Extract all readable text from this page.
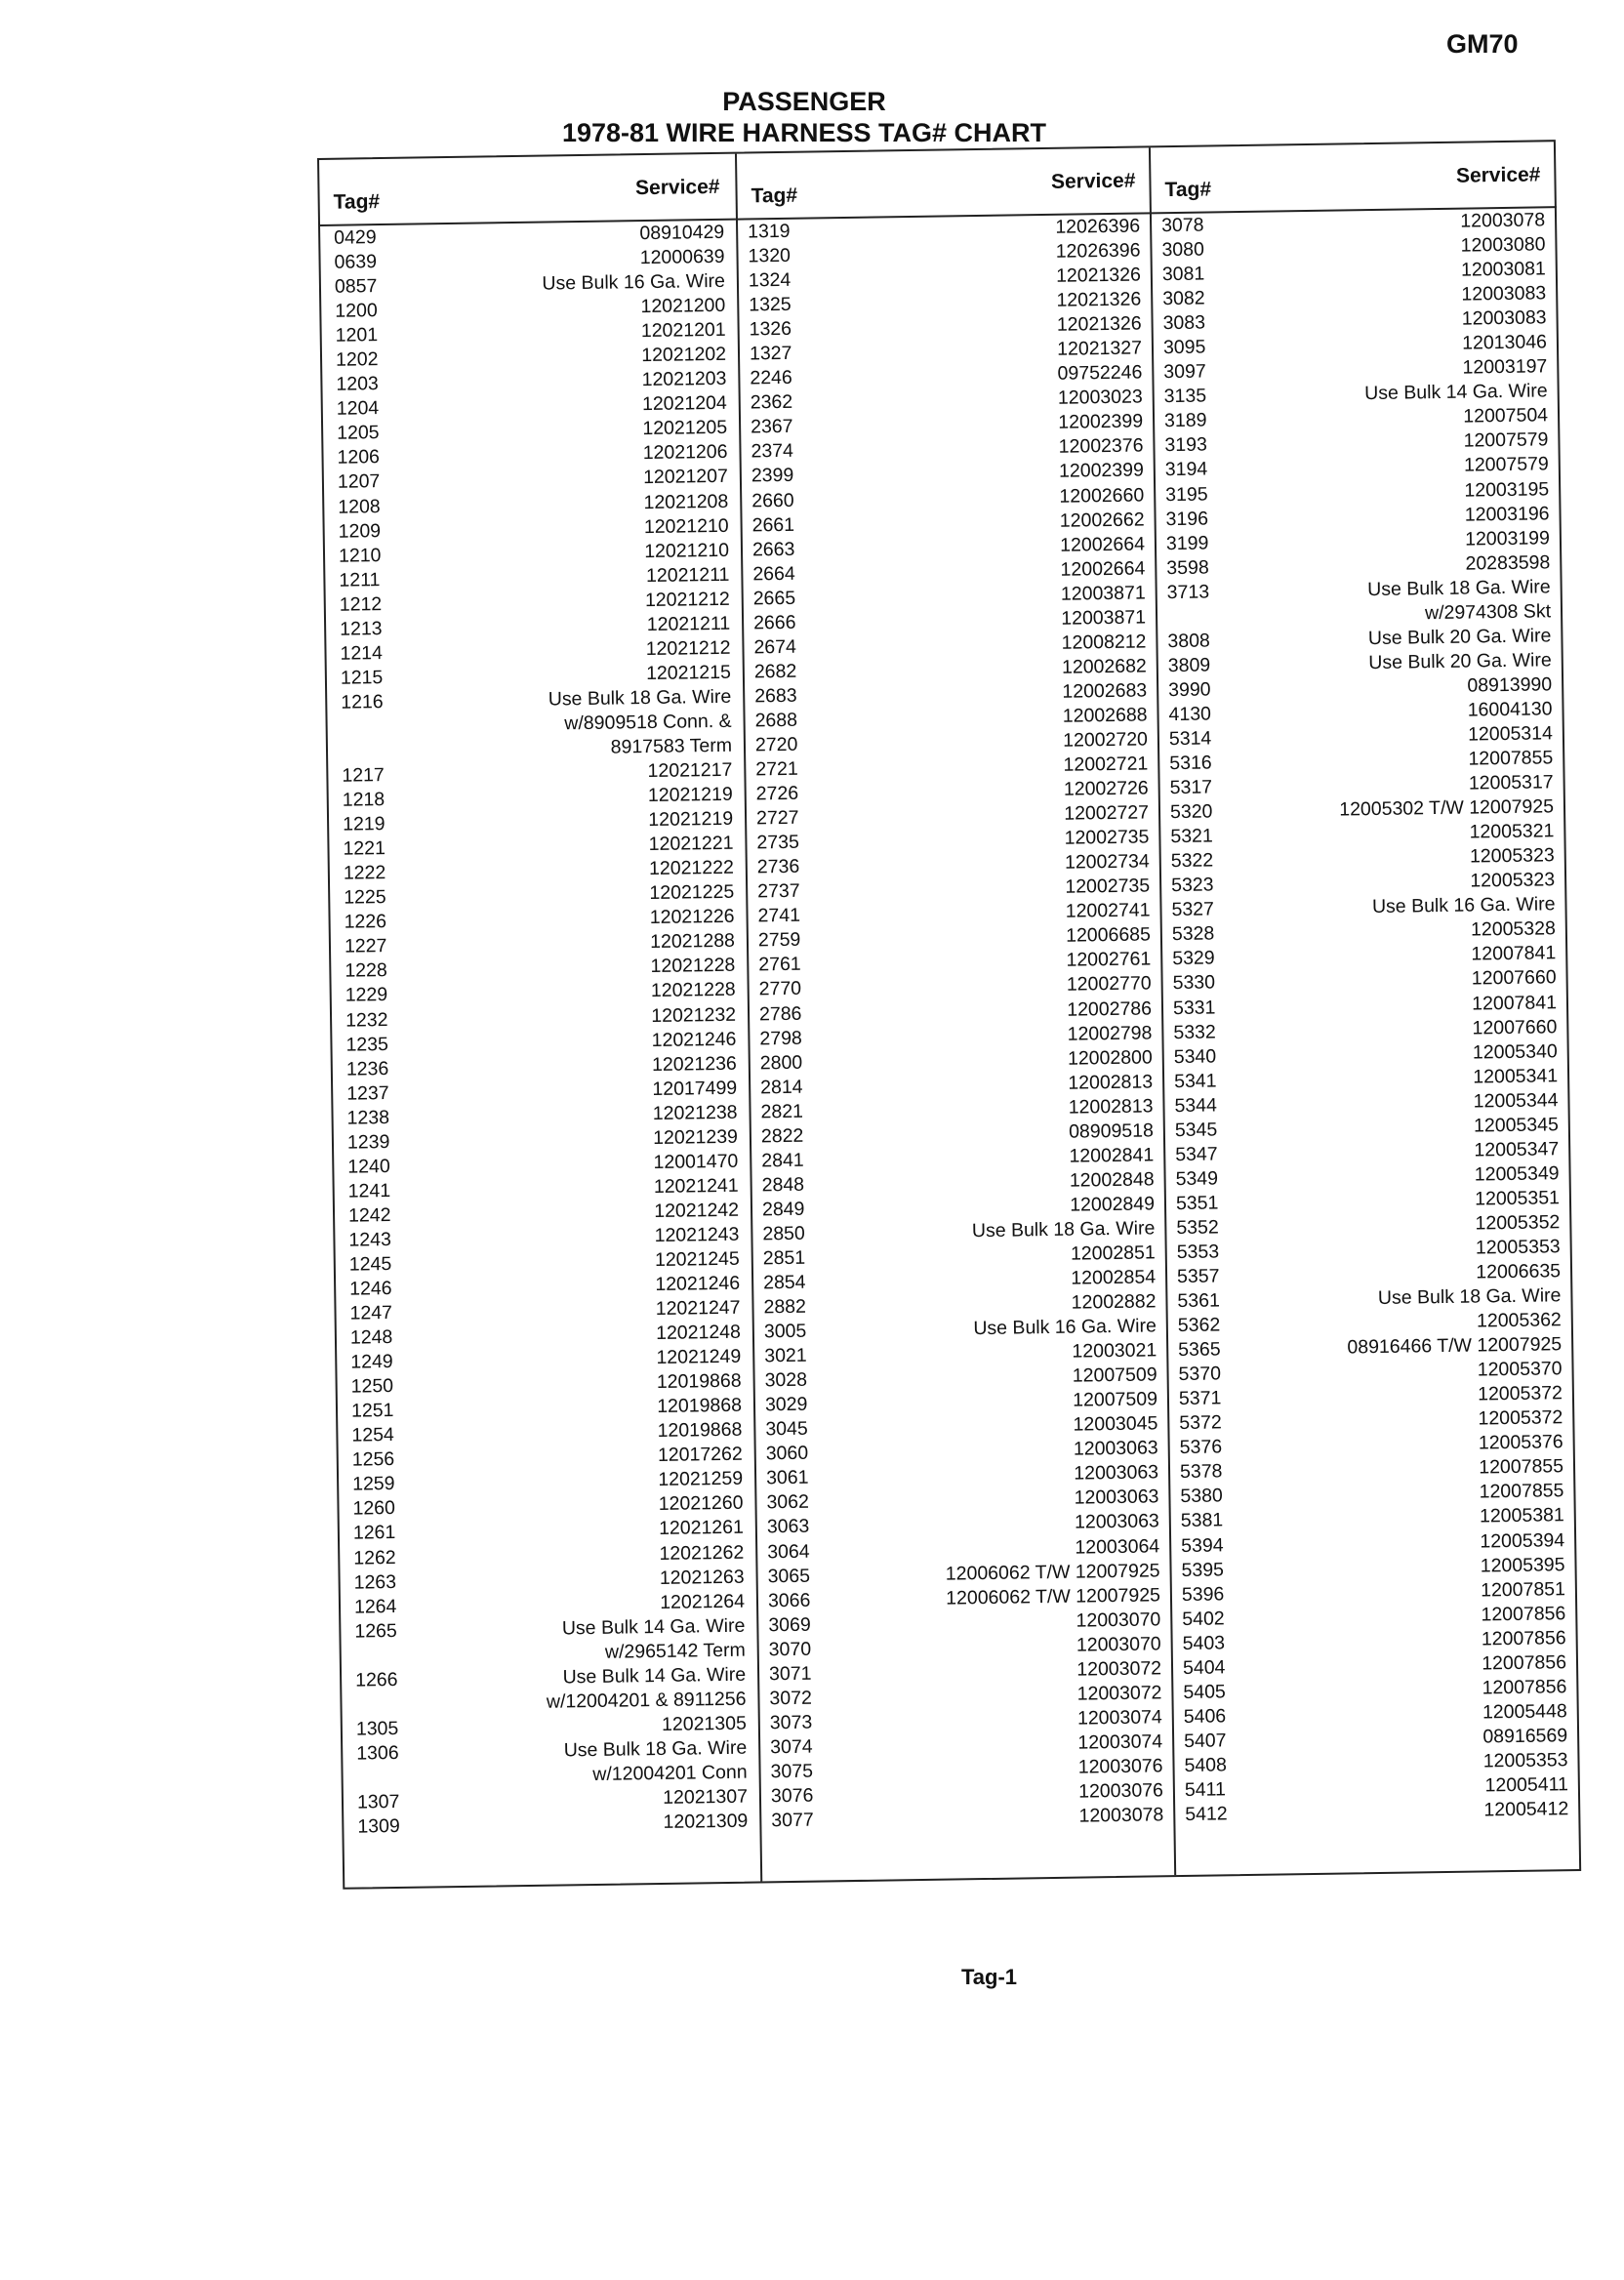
GM70
PASSENGER
1978-81 WIRE HARNESS TAG# CHART
Tag#
Service#
0429	08910429
0639	12000639
0857	Use Bulk 16 Ga. Wire
1200	12021200
1201	12021201
1202	12021202
1203	12021203
1204	12021204
1205	12021205
1206	12021206
1207	12021207
1208	12021208
1209	12021210
1210	12021210
1211	12021211
1212	12021212
1213	12021211
1214	12021212
1215	12021215
1216	Use Bulk 18 Ga. Wire
w/8909518 Conn. &
8917583 Term
1217	12021217
1218	12021219
1219	12021219
1221	12021221
1222	12021222
1225	12021225
1226	12021226
1227	12021288
1228	12021228
1229	12021228
1232	12021232
1235	12021246
1236	12021236
1237	12017499
1238	12021238
1239	12021239
1240	12001470
1241	12021241
1242	12021242
1243	12021243
1245	12021245
1246	12021246
1247	12021247
1248	12021248
1249	12021249
1250	12019868
1251	12019868
1254	12019868
1256	12017262
1259	12021259
1260	12021260
1261	12021261
1262	12021262
1263	12021263
1264	12021264
1265	Use Bulk 14 Ga. Wire
w/2965142 Term
1266	Use Bulk 14 Ga. Wire
w/12004201 & 8911256
1305	12021305
1306	Use Bulk 18 Ga. Wire
w/12004201 Conn
1307	12021307
1309	12021309
Tag#
Service#
1319	12026396
1320	12026396
1324	12021326
1325	12021326
1326	12021326
1327	12021327
2246	09752246
2362	12003023
2367	12002399
2374	12002376
2399	12002399
2660	12002660
2661	12002662
2663	12002664
2664	12002664
2665	12003871
2666	12003871
2674	12008212
2682	12002682
2683	12002683
2688	12002688
2720	12002720
2721	12002721
2726	12002726
2727	12002727
2735	12002735
2736	12002734
2737	12002735
2741	12002741
2759	12006685
2761	12002761
2770	12002770
2786	12002786
2798	12002798
2800	12002800
2814	12002813
2821	12002813
2822	08909518
2841	12002841
2848	12002848
2849	12002849
2850	Use Bulk 18 Ga. Wire
2851	12002851
2854	12002854
2882	12002882
3005	Use Bulk 16 Ga. Wire
3021	12003021
3028	12007509
3029	12007509
3045	12003045
3060	12003063
3061	12003063
3062	12003063
3063	12003063
3064	12003064
3065	12006062 T/W 12007925
3066	12006062 T/W 12007925
3069	12003070
3070	12003070
3071	12003072
3072	12003072
3073	12003074
3074	12003074
3075	12003076
3076	12003076
3077	12003078
Tag#
Service#
3078	12003078
3080	12003080
3081	12003081
3082	12003083
3083	12003083
3095	12013046
3097	12003197
3135	Use Bulk 14 Ga. Wire
3189	12007504
3193	12007579
3194	12007579
3195	12003195
3196	12003196
3199	12003199
3598	20283598
3713	Use Bulk 18 Ga. Wire
w/2974308 Skt
3808	Use Bulk 20 Ga. Wire
3809	Use Bulk 20 Ga. Wire
3990	08913990
4130	16004130
5314	12005314
5316	12007855
5317	12005317
5320	12005302 T/W 12007925
5321	12005321
5322	12005323
5323	12005323
5327	Use Bulk 16 Ga. Wire
5328	12005328
5329	12007841
5330	12007660
5331	12007841
5332	12007660
5340	12005340
5341	12005341
5344	12005344
5345	12005345
5347	12005347
5349	12005349
5351	12005351
5352	12005352
5353	12005353
5357	12006635
5361	Use Bulk 18 Ga. Wire
5362	12005362
5365	08916466 T/W 12007925
5370	12005370
5371	12005372
5372	12005372
5376	12005376
5378	12007855
5380	12007855
5381	12005381
5394	12005394
5395	12005395
5396	12007851
5402	12007856
5403	12007856
5404	12007856
5405	12007856
5406	12005448
5407	08916569
5408	12005353
5411	12005411
5412	12005412
Tag-1
